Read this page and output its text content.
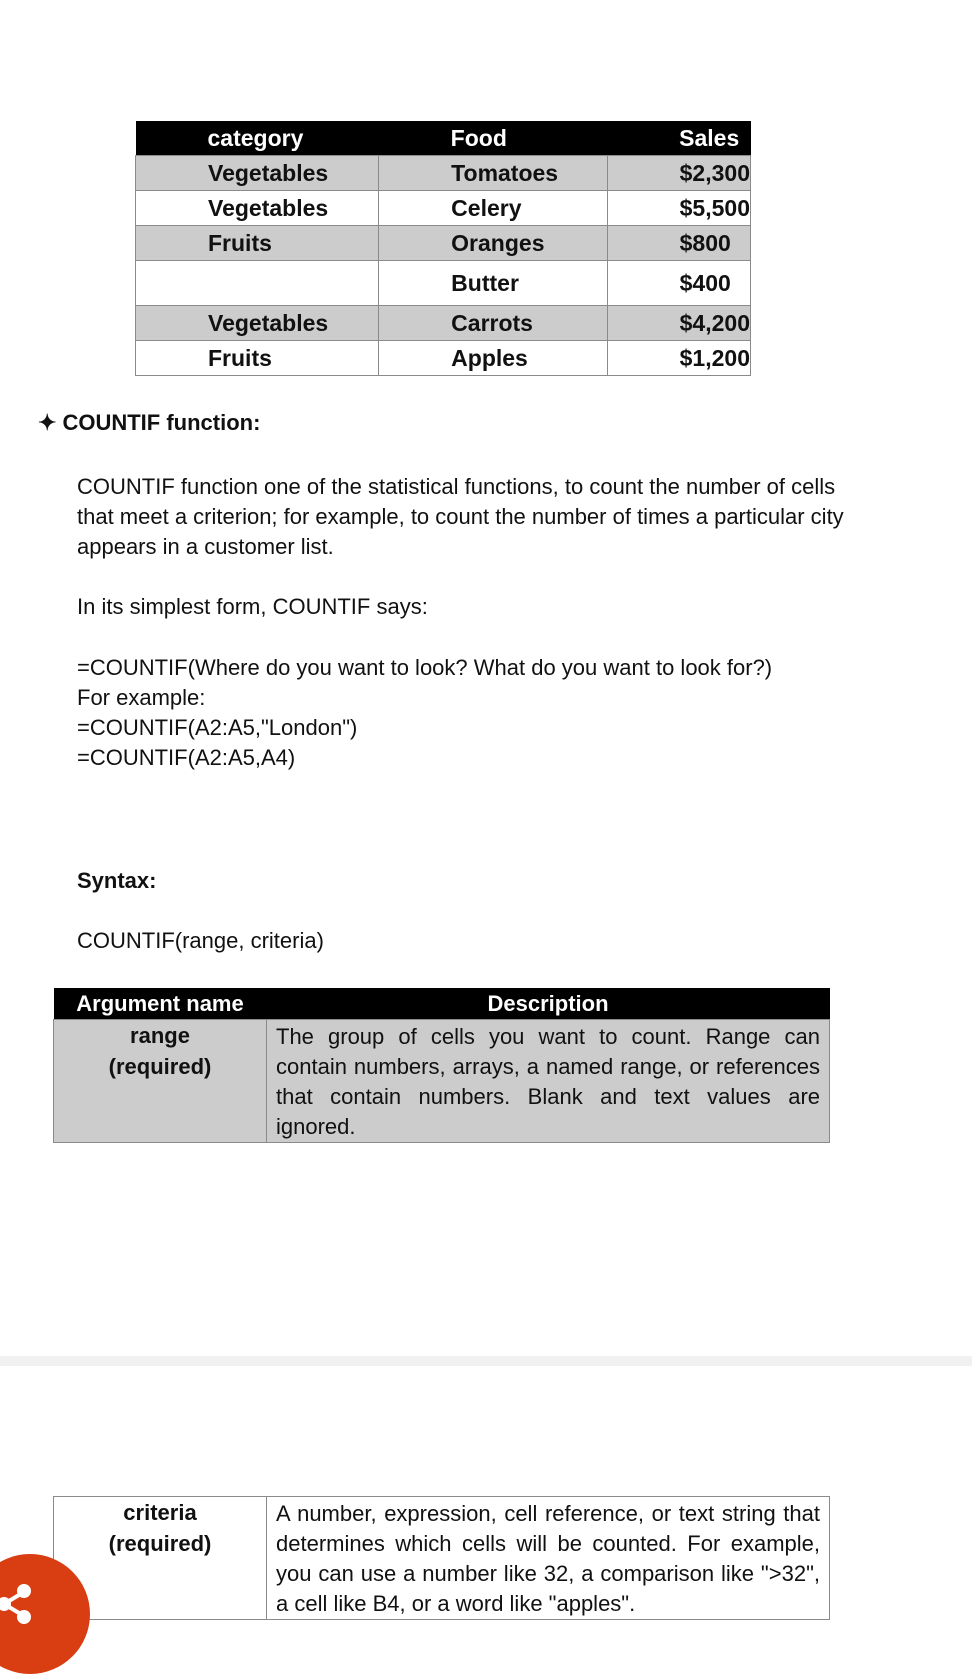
category	Food	Sales
Vegetables	Tomatoes	$2,300
Vegetables	Celery	$5,500
Fruits	Oranges	$800
	Butter	$400
Vegetables	Carrots	$4,200
Fruits	Apples	$1,200
✦ COUNTIF function:
COUNTIF function one of the statistical functions, to count the number of cells that meet a criterion; for example, to count the number of times a particular city appears in a customer list.
In its simplest form, COUNTIF says:
=COUNTIF(Where do you want to look? What do you want to look for?)
For example:
=COUNTIF(A2:A5,"London")
=COUNTIF(A2:A5,A4)
Syntax:
COUNTIF(range, criteria)
Argument name	Description

range
(required)	The group of cells you want to count. Range can contain numbers, arrays, a named range, or references that contain numbers. Blank and text values are ignored.
criteria
(required)
	A number, expression, cell reference, or text string that determines which cells will be counted. For example, you can use a number like 32, a comparison like ">32", a cell like B4, or a word like "apples".
